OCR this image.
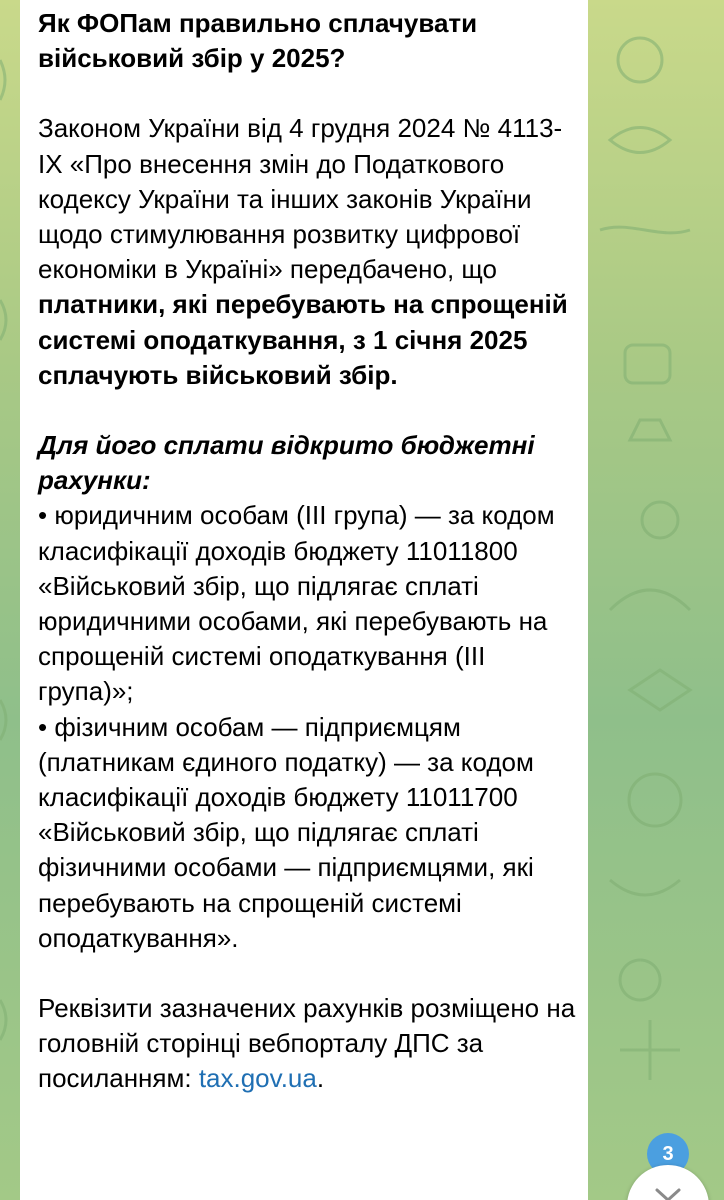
Як ФОПам правильно сплачувати військовий збір у 2025?

Законом України від 4 грудня 2024 № 4113-IX «Про внесення змін до Податкового кодексу України та інших законів України щодо стимулювання розвитку цифрової економіки в Україні» передбачено, що платники, які перебувають на спрощеній системі оподаткування, з 1 січня 2025 сплачують військовий збір.

Для його сплати відкрито бюджетні рахунки:

• юридичним особам (III група) — за кодом класифікації доходів бюджету 11011800 «Військовий збір, що підлягає сплаті юридичними особами, які перебувають на спрощеній системі оподаткування (III група)»;

• фізичним особам — підприємцям (платникам єдиного податку) — за кодом класифікації доходів бюджету 11011700 «Військовий збір, що підлягає сплаті фізичними особами — підприємцями, які перебувають на спрощеній системі оподаткування».

Реквізити зазначених рахунків розміщено на головній сторінці вебпорталу ДПС за посиланням: tax.gov.ua.

3
